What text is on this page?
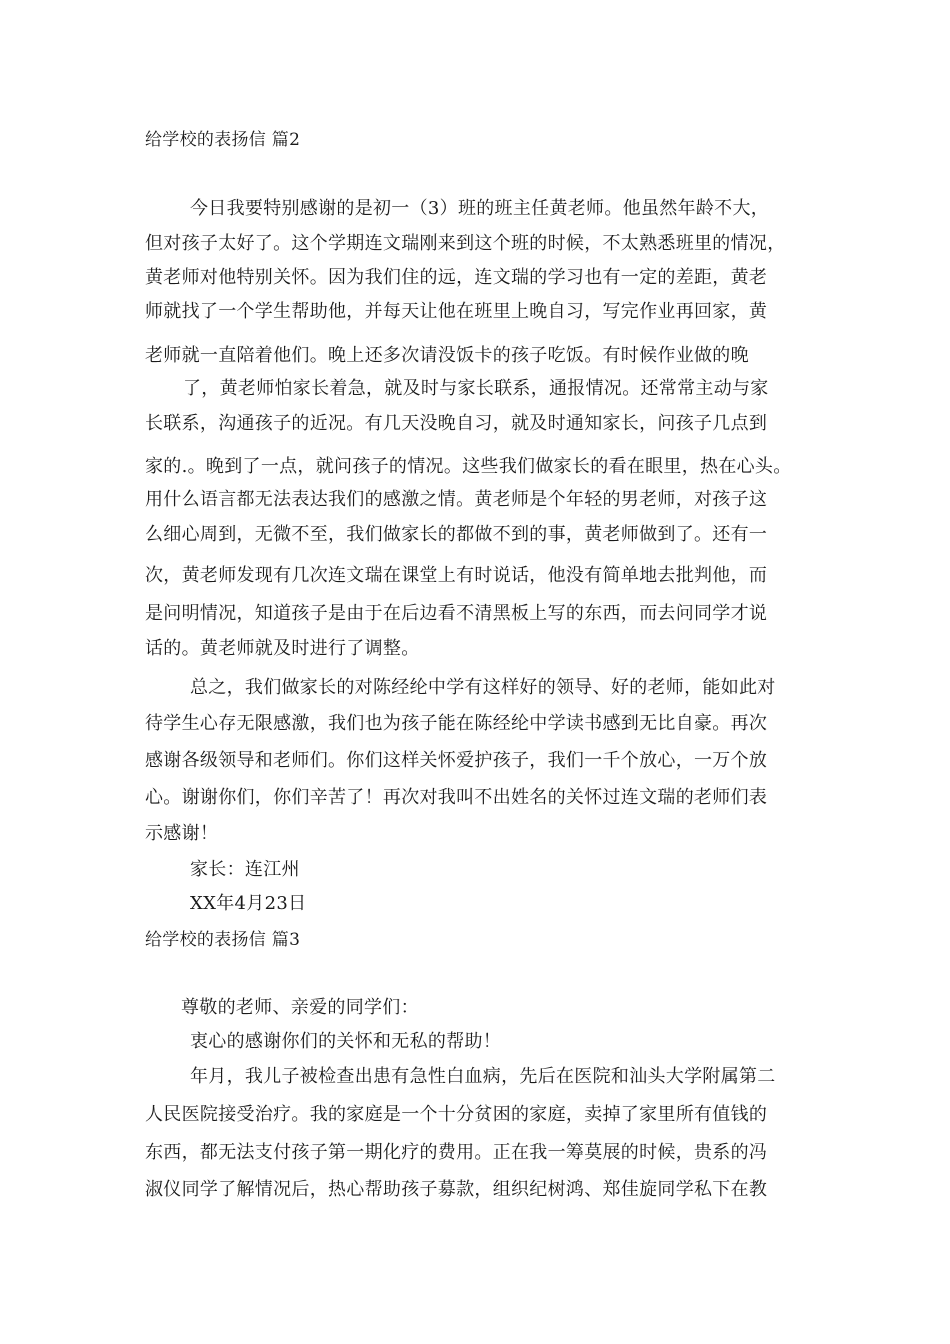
给学校的表扬信 篇2
今日我要特别感谢的是初一（3）班的班主任黄老师。他虽然年龄不大，
但对孩子太好了。这个学期连文瑞刚来到这个班的时候，不太熟悉班里的情况，
黄老师对他特别关怀。因为我们住的远，连文瑞的学习也有一定的差距，黄老
师就找了一个学生帮助他，并每天让他在班里上晚自习，写完作业再回家，黄
老师就一直陪着他们。晚上还多次请没饭卡的孩子吃饭。有时候作业做的晚
了，黄老师怕家长着急，就及时与家长联系，通报情况。还常常主动与家
长联系，沟通孩子的近况。有几天没晚自习，就及时通知家长，问孩子几点到
家的.。晚到了一点，就问孩子的情况。这些我们做家长的看在眼里，热在心头。
用什么语言都无法表达我们的感激之情。黄老师是个年轻的男老师，对孩子这
么细心周到，无微不至，我们做家长的都做不到的事，黄老师做到了。还有一
次，黄老师发现有几次连文瑞在课堂上有时说话，他没有简单地去批判他，而
是问明情况，知道孩子是由于在后边看不清黑板上写的东西，而去问同学才说
话的。黄老师就及时进行了调整。
总之，我们做家长的对陈经纶中学有这样好的领导、好的老师，能如此对
待学生心存无限感激，我们也为孩子能在陈经纶中学读书感到无比自豪。再次
感谢各级领导和老师们。你们这样关怀爱护孩子，我们一千个放心，一万个放
心。谢谢你们，你们辛苦了！再次对我叫不出姓名的关怀过连文瑞的老师们表
示感谢！
家长：连江州
XX年4月23日
给学校的表扬信 篇3
尊敬的老师、亲爱的同学们：
衷心的感谢你们的关怀和无私的帮助！
年月，我儿子被检查出患有急性白血病，先后在医院和汕头大学附属第二
人民医院接受治疗。我的家庭是一个十分贫困的家庭，卖掉了家里所有值钱的
东西，都无法支付孩子第一期化疗的费用。正在我一筹莫展的时候，贵系的冯
淑仪同学了解情况后，热心帮助孩子募款，组织纪树鸿、郑佳旋同学私下在教
